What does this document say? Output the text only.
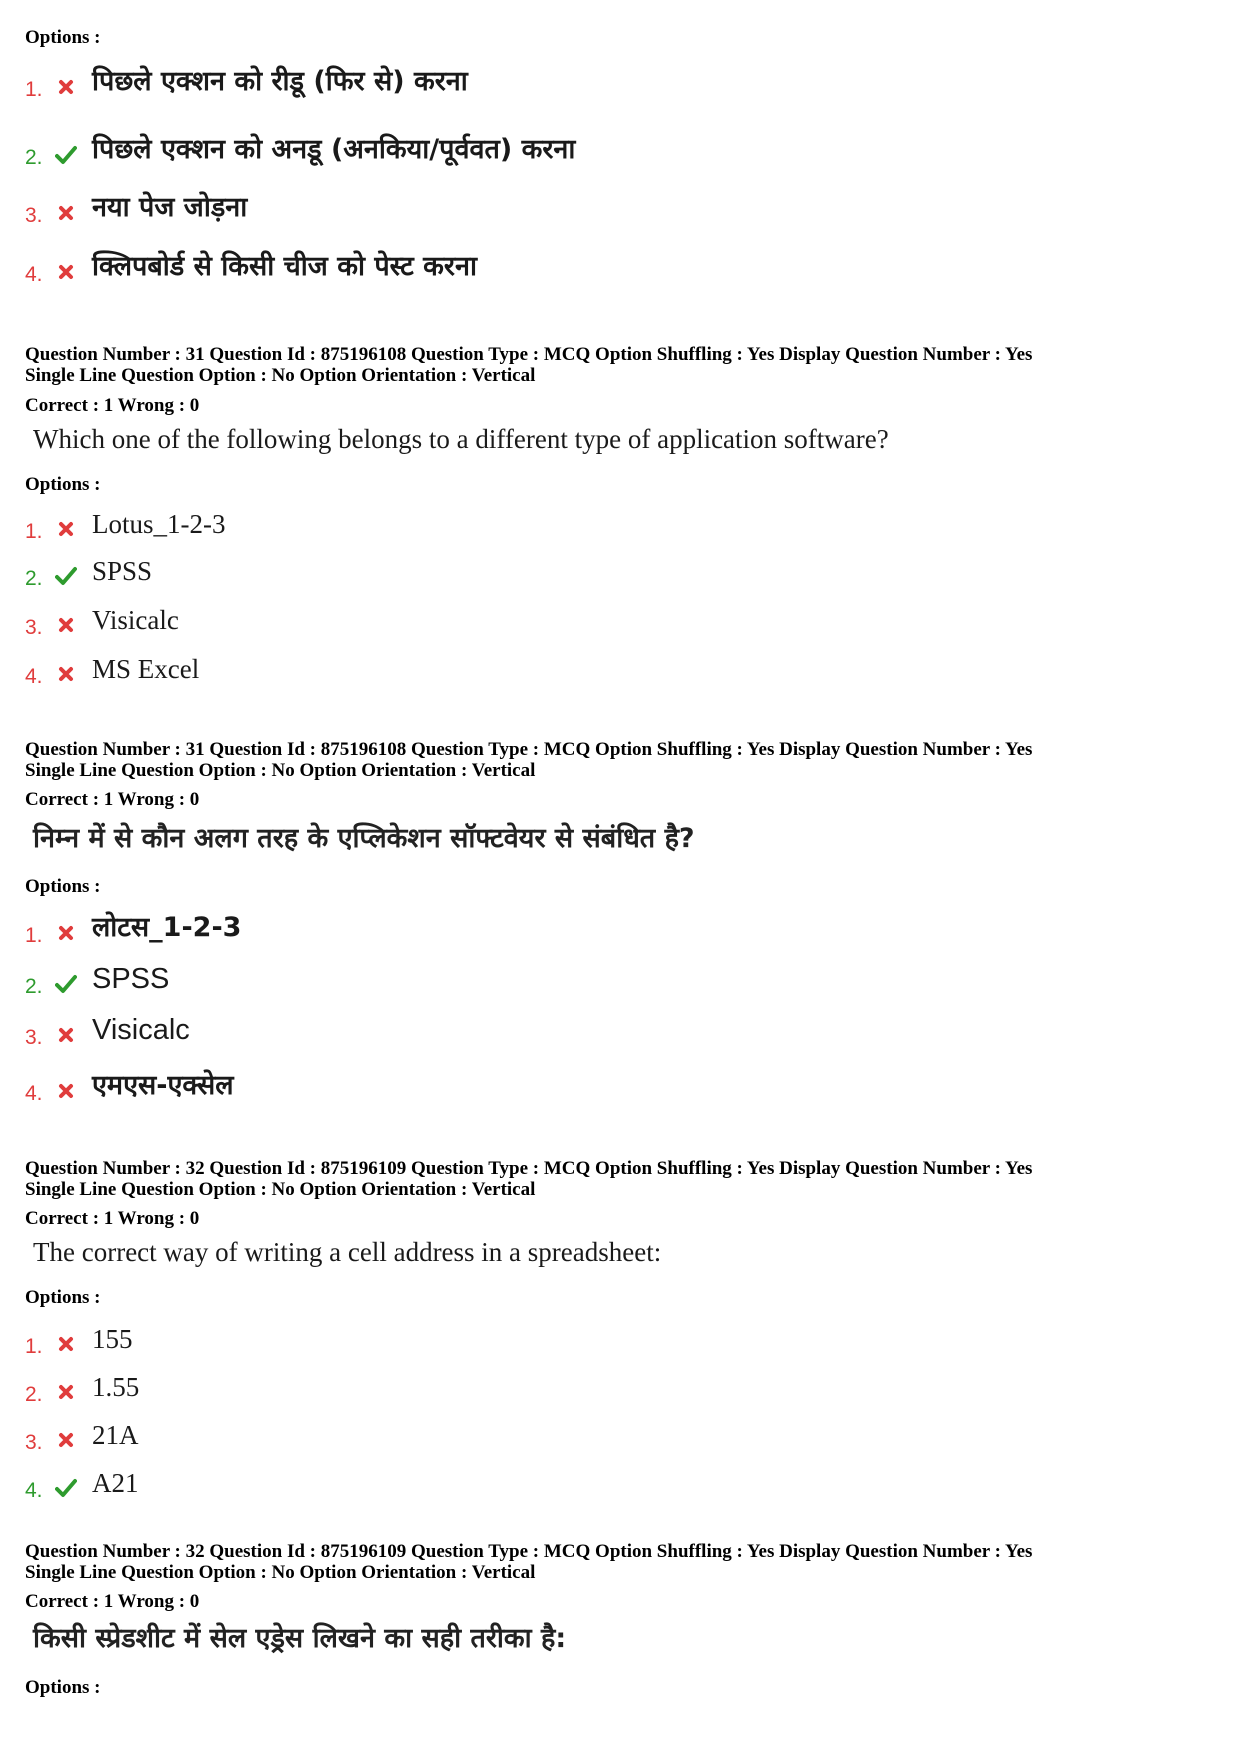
Options :
1. पिछले एक्शन को रीडू (फिर से) करना
2. पिछले एक्शन को अनडू (अनकिया/पूर्ववत) करना
3. नया पेज जोड़ना
4. क्लिपबोर्ड से किसी चीज को पेस्ट करना
Question Number : 31 Question Id : 875196108 Question Type : MCQ Option Shuffling : Yes Display Question Number : Yes
Single Line Question Option : No Option Orientation : Vertical
Correct : 1 Wrong : 0
Which one of the following belongs to a different type of application software?
Options :
1. Lotus_1-2-3
2. SPSS
3. Visicalc
4. MS Excel
Question Number : 31 Question Id : 875196108 Question Type : MCQ Option Shuffling : Yes Display Question Number : Yes
Single Line Question Option : No Option Orientation : Vertical
Correct : 1 Wrong : 0
निम्न में से कौन अलग तरह के एप्लिकेशन सॉफ्टवेयर से संबंधित है?
Options :
1. लोटस_1-2-3
2. SPSS
3. Visicalc
4. एमएस-एक्सेल
Question Number : 32 Question Id : 875196109 Question Type : MCQ Option Shuffling : Yes Display Question Number : Yes
Single Line Question Option : No Option Orientation : Vertical
Correct : 1 Wrong : 0
The correct way of writing a cell address in a spreadsheet:
Options :
1. 155
2. 1.55
3. 21A
4. A21
Question Number : 32 Question Id : 875196109 Question Type : MCQ Option Shuffling : Yes Display Question Number : Yes
Single Line Question Option : No Option Orientation : Vertical
Correct : 1 Wrong : 0
किसी स्प्रेडशीट में सेल एड्रेस लिखने का सही तरीका है:
Options :
